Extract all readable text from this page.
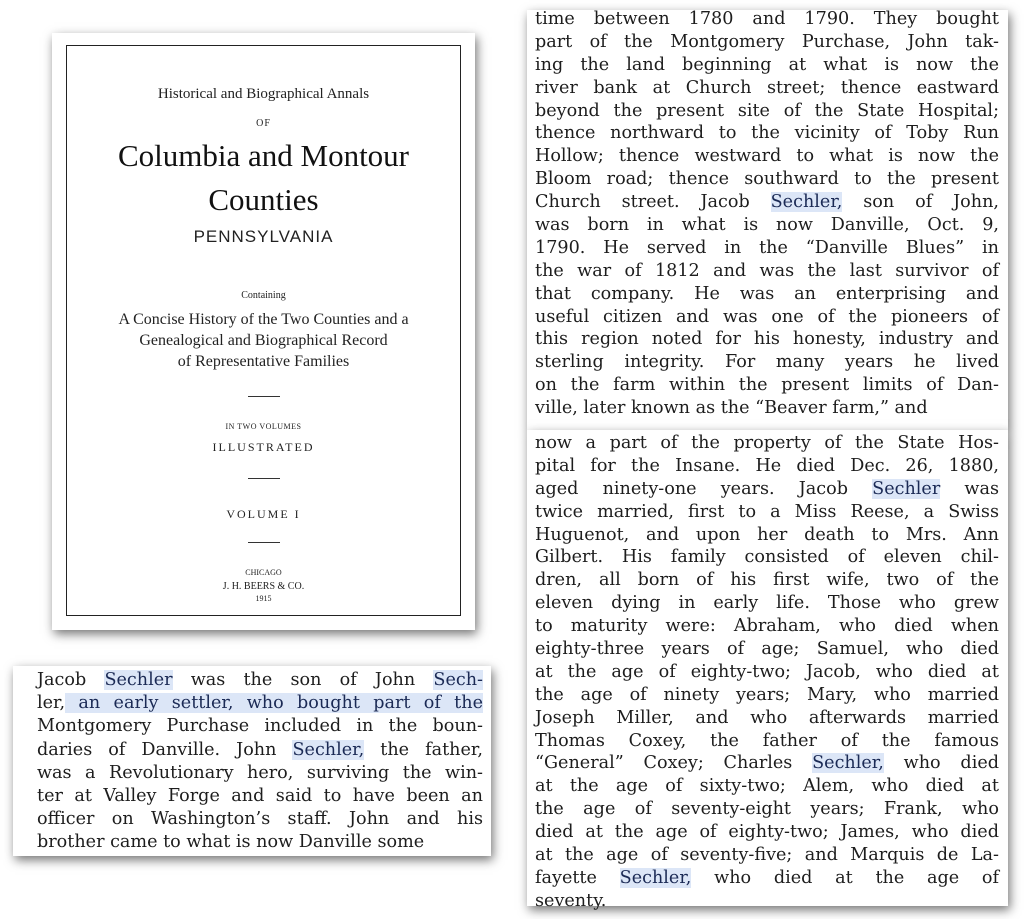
Historical and Biographical Annals
OF
Columbia and Montour
Counties
PENNSYLVANIA
Containing
A Concise History of the Two Counties and a
Genealogical and Biographical Record
of Representative Families
IN TWO VOLUMES
ILLUSTRATED
VOLUME I
CHICAGO
J. H. BEERS & CO.
1915
Jacob Sechler was the son of John Sech-
ler, an early settler, who bought part of the
Montgomery Purchase included in the boun-
daries of Danville. John Sechler, the father,
was a Revolutionary hero, surviving the win-
ter at Valley Forge and said to have been an
officer on Washington’s staff. John and his
brother came to what is now Danville some
time between 1780 and 1790. They bought
part of the Montgomery Purchase, John tak-
ing the land beginning at what is now the
river bank at Church street; thence eastward
beyond the present site of the State Hospital;
thence northward to the vicinity of Toby Run
Hollow; thence westward to what is now the
Bloom road; thence southward to the present
Church street. Jacob Sechler, son of John,
was born in what is now Danville, Oct. 9,
1790. He served in the “Danville Blues” in
the war of 1812 and was the last survivor of
that company. He was an enterprising and
useful citizen and was one of the pioneers of
this region noted for his honesty, industry and
sterling integrity. For many years he lived
on the farm within the present limits of Dan-
ville, later known as the “Beaver farm,” and
now a part of the property of the State Hos-
pital for the Insane. He died Dec. 26, 1880,
aged ninety-one years. Jacob Sechler was
twice married, first to a Miss Reese, a Swiss
Huguenot, and upon her death to Mrs. Ann
Gilbert. His family consisted of eleven chil-
dren, all born of his first wife, two of the
eleven dying in early life. Those who grew
to maturity were: Abraham, who died when
eighty-three years of age; Samuel, who died
at the age of eighty-two; Jacob, who died at
the age of ninety years; Mary, who married
Joseph Miller, and who afterwards married
Thomas Coxey, the father of the famous
“General” Coxey; Charles Sechler, who died
at the age of sixty-two; Alem, who died at
the age of seventy-eight years; Frank, who
died at the age of eighty-two; James, who died
at the age of seventy-five; and Marquis de La-
fayette Sechler, who died at the age of
seventy.
